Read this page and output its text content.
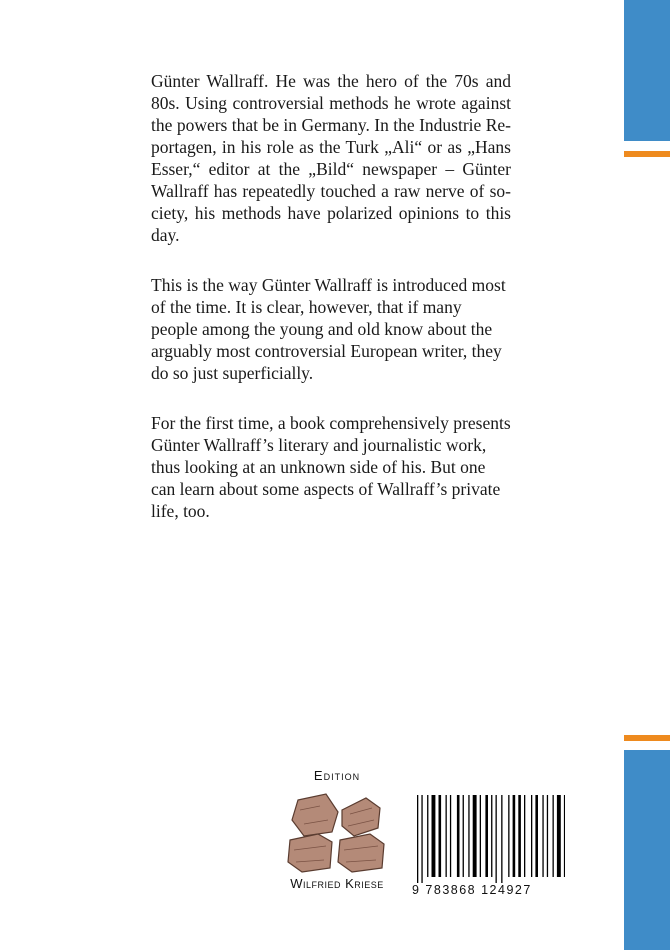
Günter Wallraff. He was the hero of the 70s and 80s. Using controversial methods he wrote against the powers that be in Germany. In the Industrie Reportagen, in his role as the Turk „Ali“ or as „Hans Esser,“ editor at the „Bild“ newspaper – Günter Wallraff has repeatedly touched a raw nerve of society, his methods have polarized opinions to this day.

This is the way Günter Wallraff is introduced most of the time. It is clear, however, that if many people among the young and old know about the arguably most controversial European writer, they do so just superficially.

For the first time, a book comprehensively presents Günter Wallraff’s literary and journalistic work, thus looking at an unknown side of his. But one can learn about some aspects of Wallraff’s private life, too.

Edition
Wilfried Kriese	9 783868 124927
